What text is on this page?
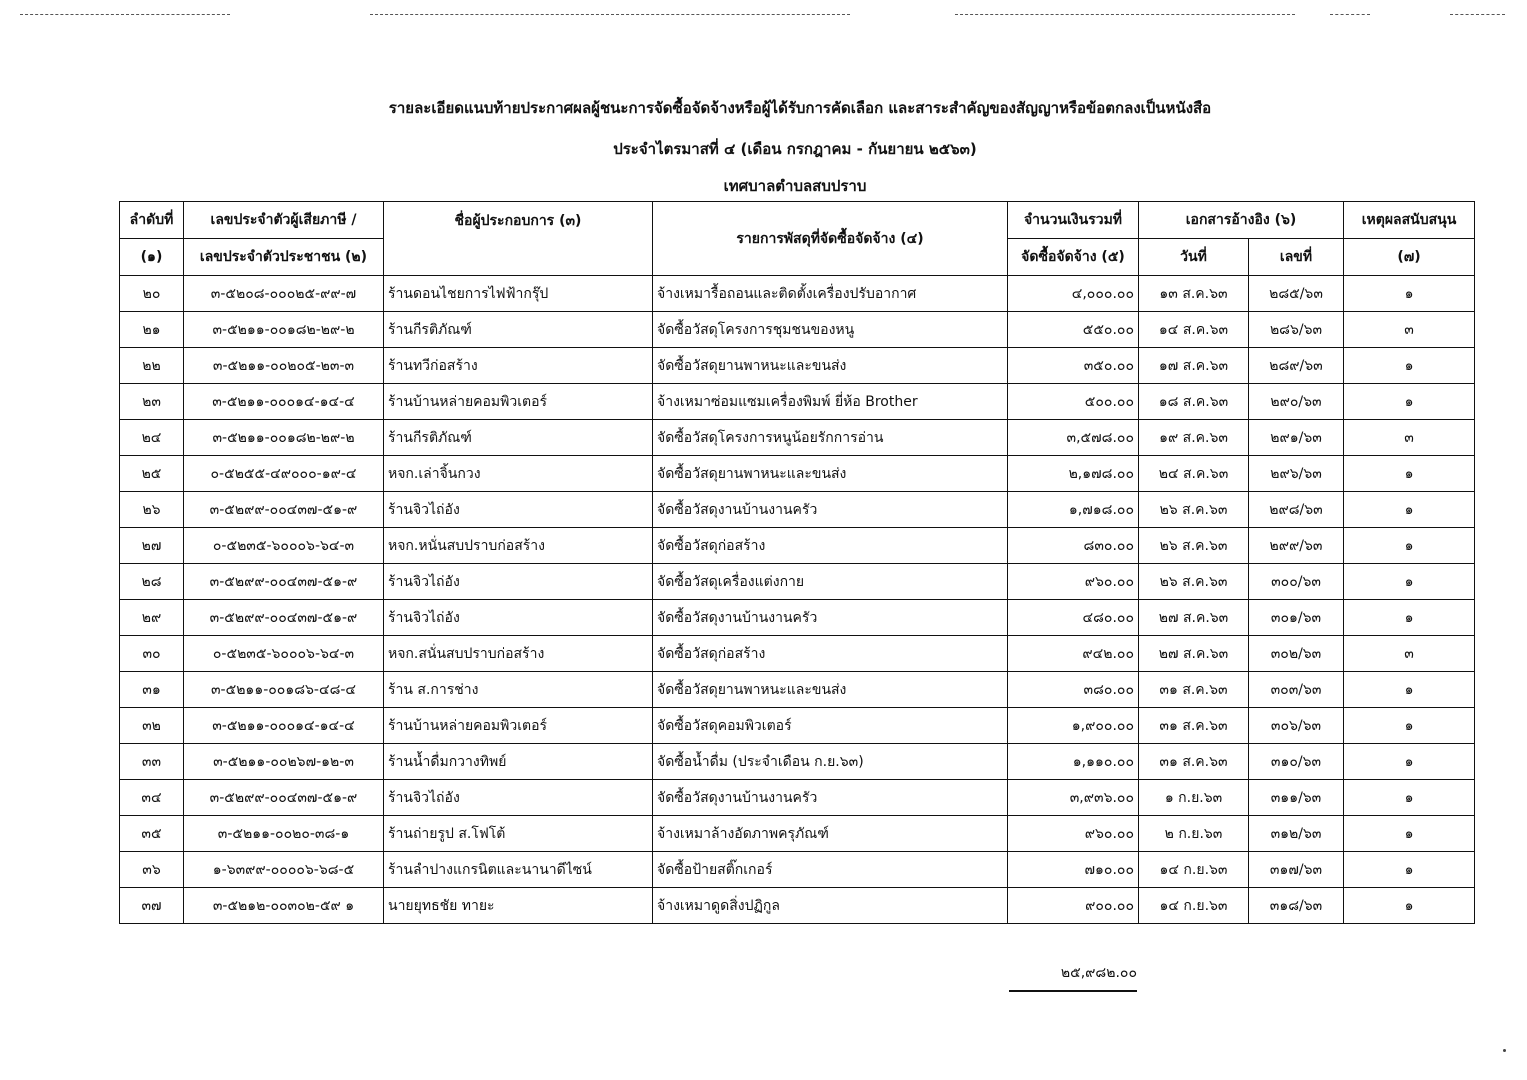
รายละเอียดแนบท้ายประกาศผลผู้ชนะการจัดซื้อจัดจ้างหรือผู้ได้รับการคัดเลือก และสาระสำคัญของสัญญาหรือข้อตกลงเป็นหนังสือ
ประจำไตรมาสที่ ๔ (เดือน กรกฎาคม - กันยายน ๒๕๖๓)
เทศบาลตำบลสบปราบ
ลำดับที่	เลขประจำตัวผู้เสียภาษี /	ชื่อผู้ประกอบการ (๓)	รายการพัสดุที่จัดซื้อจัดจ้าง (๔)	จำนวนเงินรวมที่	เอกสารอ้างอิง (๖)		เหตุผลสนับสนุน
(๑)	เลขประจำตัวประชาชน (๒)			จัดซื้อจัดจ้าง (๕)	วันที่	เลขที่	(๗)
๒๐	๓-๕๒๐๘-๐๐๐๒๕-๙๙-๗	ร้านดอนไชยการไฟฟ้ากรุ๊ป	จ้างเหมารื้อถอนและติดตั้งเครื่องปรับอากาศ	๔,๐๐๐.๐๐	๑๓ ส.ค.๖๓	๒๘๕/๖๓	๑
๒๑	๓-๕๒๑๑-๐๐๑๘๒-๒๙-๒	ร้านกีรติภัณฑ์	จัดซื้อวัสดุโครงการชุมชนของหนู	๕๕๐.๐๐	๑๔ ส.ค.๖๓	๒๘๖/๖๓	๓
๒๒	๓-๕๒๑๑-๐๐๒๐๕-๒๓-๓	ร้านทวีก่อสร้าง	จัดซื้อวัสดุยานพาหนะและขนส่ง	๓๕๐.๐๐	๑๗ ส.ค.๖๓	๒๘๙/๖๓	๑
๒๓	๓-๕๒๑๑-๐๐๐๑๔-๑๔-๔	ร้านบ้านหล่ายคอมพิวเตอร์	จ้างเหมาซ่อมแซมเครื่องพิมพ์ ยี่ห้อ Brother	๕๐๐.๐๐	๑๘ ส.ค.๖๓	๒๙๐/๖๓	๑
๒๔	๓-๕๒๑๑-๐๐๑๘๒-๒๙-๒	ร้านกีรติภัณฑ์	จัดซื้อวัสดุโครงการหนูน้อยรักการอ่าน	๓,๕๗๘.๐๐	๑๙ ส.ค.๖๓	๒๙๑/๖๓	๓
๒๕	๐-๕๒๕๕-๔๙๐๐๐-๑๙-๔	หจก.เล่าจิ้นกวง	จัดซื้อวัสดุยานพาหนะและขนส่ง	๒,๑๗๘.๐๐	๒๔ ส.ค.๖๓	๒๙๖/๖๓	๑
๒๖	๓-๕๒๙๙-๐๐๔๓๗-๕๑-๙	ร้านจิวไถ่อัง	จัดซื้อวัสดุงานบ้านงานครัว	๑,๗๑๘.๐๐	๒๖ ส.ค.๖๓	๒๙๘/๖๓	๑
๒๗	๐-๕๒๓๕-๖๐๐๐๖-๖๔-๓	หจก.หนั่นสบปราบก่อสร้าง	จัดซื้อวัสดุก่อสร้าง	๘๓๐.๐๐	๒๖ ส.ค.๖๓	๒๙๙/๖๓	๑
๒๘	๓-๕๒๙๙-๐๐๔๓๗-๕๑-๙	ร้านจิวไถ่อัง	จัดซื้อวัสดุเครื่องแต่งกาย	๙๖๐.๐๐	๒๖ ส.ค.๖๓	๓๐๐/๖๓	๑
๒๙	๓-๕๒๙๙-๐๐๔๓๗-๕๑-๙	ร้านจิวไถ่อัง	จัดซื้อวัสดุงานบ้านงานครัว	๔๘๐.๐๐	๒๗ ส.ค.๖๓	๓๐๑/๖๓	๑
๓๐	๐-๕๒๓๕-๖๐๐๐๖-๖๔-๓	หจก.สนั่นสบปราบก่อสร้าง	จัดซื้อวัสดุก่อสร้าง	๙๔๒.๐๐	๒๗ ส.ค.๖๓	๓๐๒/๖๓	๓
๓๑	๓-๕๒๑๑-๐๐๑๘๖-๔๘-๔	ร้าน ส.การช่าง	จัดซื้อวัสดุยานพาหนะและขนส่ง	๓๘๐.๐๐	๓๑ ส.ค.๖๓	๓๐๓/๖๓	๑
๓๒	๓-๕๒๑๑-๐๐๐๑๔-๑๔-๔	ร้านบ้านหล่ายคอมพิวเตอร์	จัดซื้อวัสดุคอมพิวเตอร์	๑,๙๐๐.๐๐	๓๑ ส.ค.๖๓	๓๐๖/๖๓	๑
๓๓	๓-๕๒๑๑-๐๐๒๖๗-๑๒-๓	ร้านน้ำดื่มกวางทิพย์	จัดซื้อน้ำดื่ม (ประจำเดือน ก.ย.๖๓)	๑,๑๑๐.๐๐	๓๑ ส.ค.๖๓	๓๑๐/๖๓	๑
๓๔	๓-๕๒๙๙-๐๐๔๓๗-๕๑-๙	ร้านจิวไถ่อัง	จัดซื้อวัสดุงานบ้านงานครัว	๓,๙๓๖.๐๐	๑ ก.ย.๖๓	๓๑๑/๖๓	๑
๓๕	๓-๕๒๑๑-๐๐๒๐-๓๘-๑	ร้านถ่ายรูป ส.โฟโต้	จ้างเหมาล้างอัดภาพครุภัณฑ์	๙๖๐.๐๐	๒ ก.ย.๖๓	๓๑๒/๖๓	๑
๓๖	๑-๖๓๙๙-๐๐๐๐๖-๖๘-๕	ร้านลำปางแกรนิตและนานาดีไซน์	จัดซื้อป้ายสติ๊กเกอร์	๗๑๐.๐๐	๑๔ ก.ย.๖๓	๓๑๗/๖๓	๑
๓๗	๓-๕๒๑๒-๐๐๓๐๒-๕๙ ๑	นายยุทธชัย ทายะ	จ้างเหมาดูดสิ่งปฏิกูล	๙๐๐.๐๐	๑๔ ก.ย.๖๓	๓๑๘/๖๓	๑
๒๕,๙๘๒.๐๐
